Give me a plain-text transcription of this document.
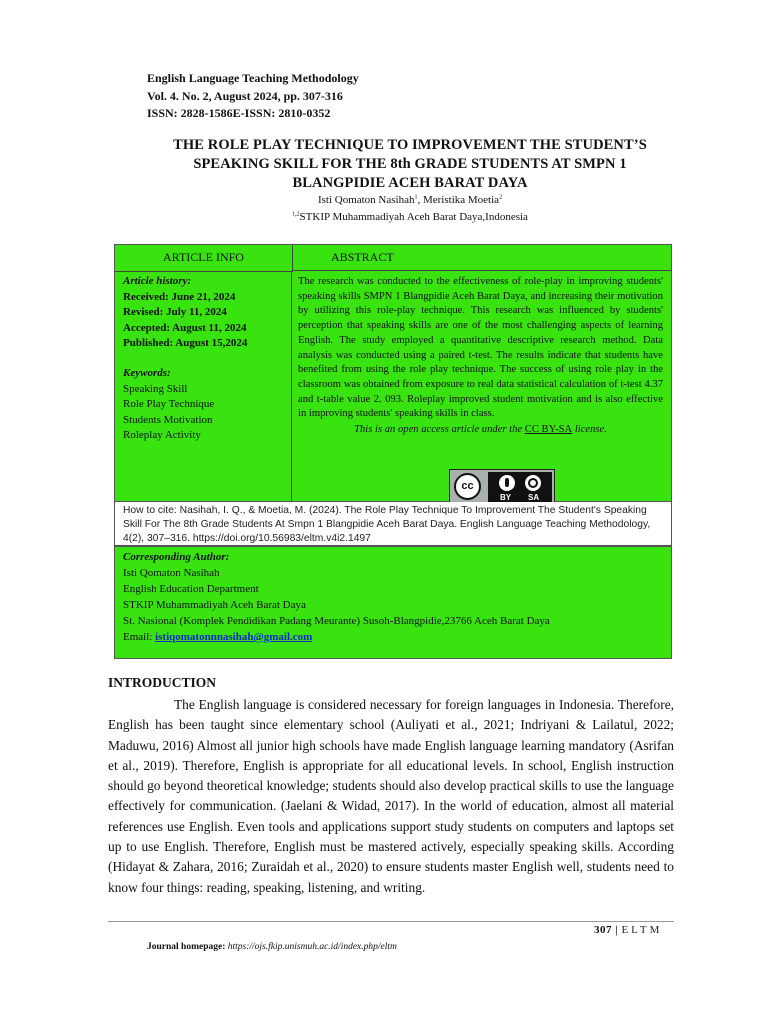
English Language Teaching Methodology
Vol. 4. No. 2, August 2024, pp. 307-316
ISSN: 2828-1586E-ISSN: 2810-0352
THE ROLE PLAY TECHNIQUE TO IMPROVEMENT THE STUDENT’S
SPEAKING SKILL FOR THE 8th GRADE STUDENTS AT SMPN 1
BLANGPIDIE ACEH BARAT DAYA
Isti Qomaton Nasihah$^1$, Meristika Moetia$^2$
$^{1,2}$STKIP Muhammadiyah Aceh Barat Daya,Indonesia
ARTICLE INFO	ABSTRACT
Article history:
Received: June 21, 2024
Revised: July 11, 2024
Accepted: August 11, 2024
Published: August 15,2024
Keywords:
Speaking Skill
Role Play Technique
Students Motivation
Roleplay Activity
The research was conducted to the effectiveness of role-play in improving students' speaking skills SMPN 1 Blangpidie Aceh Barat Daya, and increasing their motivation by utilizing this role-play technique. This research was influenced by students' perception that speaking skills are one of the most challenging aspects of learning English. The study employed a quantitative descriptive research method. Data analysis was conducted using a paired t-test. The results indicate that students have benefited from using the role play technique. The success of using role play in the classroom was obtained from exposure to real data statistical calculation of t-test 4.37 and t-table value 2. 093. Roleplay improved student motivation and is also effective in improving students' speaking skills in class.
This is an open access article under the CC BY-SA license.
cc
BY SA
How to cite: Nasihah, I. Q., & Moetia, M. (2024). The Role Play Technique To Improvement The Student's Speaking Skill For The 8th Grade Students At Smpn 1 Blangpidie Aceh Barat Daya. English Language Teaching Methodology, 4(2), 307–316. https://doi.org/10.56983/eltm.v4i2.1497
Corresponding Author:
Isti Qomaton Nasihah
English Education Department
STKIP Muhammadiyah Aceh Barat Daya
St. Nasional (Komplek Pendidikan Padang Meurante) Susoh-Blangpidie,23766 Aceh Barat Daya
Email: istiqomatonnnasihah@gmail.com
INTRODUCTION
The English language is considered necessary for foreign languages in Indonesia. Therefore, English has been taught since elementary school (Auliyati et al., 2021; Indriyani & Lailatul, 2022; Maduwu, 2016) Almost all junior high schools have made English language learning mandatory (Asrifan et al., 2019). Therefore, English is appropriate for all educational levels. In school, English instruction should go beyond theoretical knowledge; students should also develop practical skills to use the language effectively for communication. (Jaelani & Widad, 2017). In the world of education, almost all material references use English. Even tools and applications support study students on computers and laptops set up to use English. Therefore, English must be mastered actively, especially speaking skills. According (Hidayat & Zahara, 2016; Zuraidah et al., 2020) to ensure students master English well, students need to know four things: reading, speaking, listening, and writing.
307 | ELTM
Journal homepage: https://ojs.fkip.unismuh.ac.id/index.php/eltm
